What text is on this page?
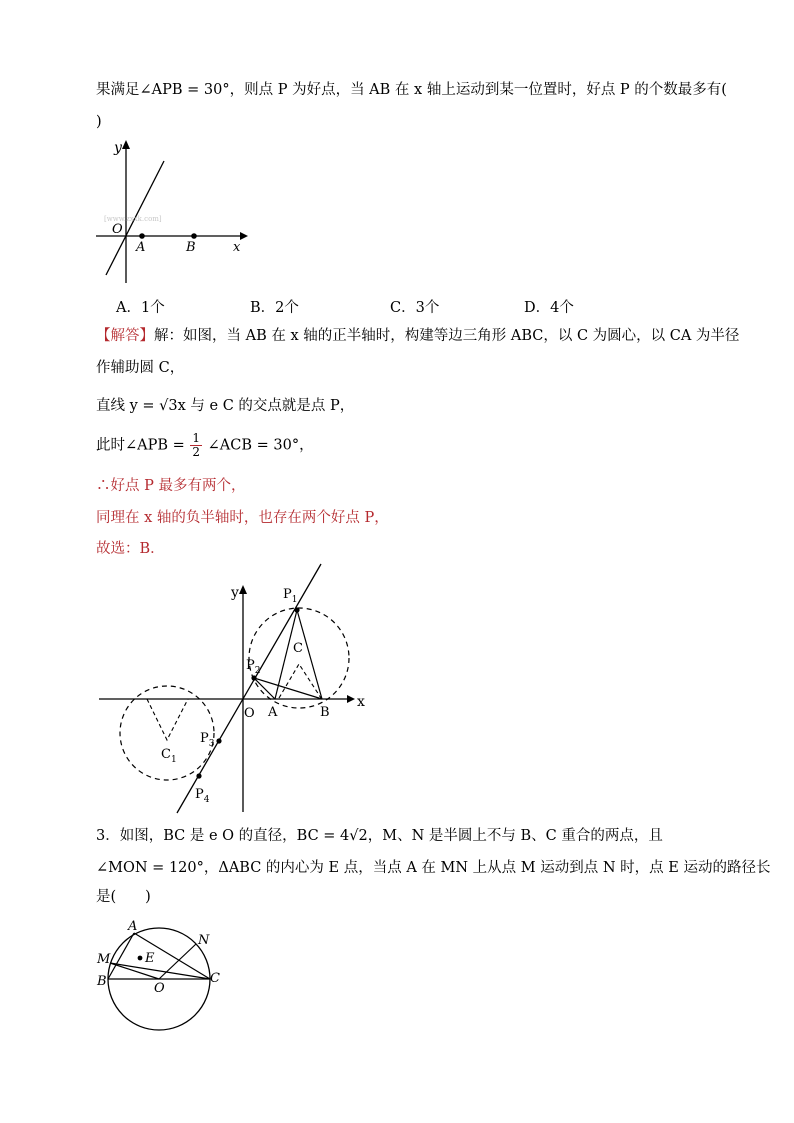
果满足∠APB = 30°，则点 P 为好点，当 AB 在 x 轴上运动到某一位置时，好点 P 的个数最多有(
)
y
O
A	B	x
[www.zxxk.com]
A．1个	B．2个	C．3个	D．4个
【解答】解：如图，当 AB 在 x 轴的正半轴时，构建等边三角形 ABC，以 C 为圆心，以 CA 为半径
作辅助圆 C，
直线 y = √3x 与 e C 的交点就是点 P，
此时∠APB = $\frac{1}{2}$ ∠ACB = 30°，
∴好点 P 最多有两个，
同理在 x 轴的负半轴时，也存在两个好点 P，
故选：B．
y
x
O A	B
C
$C_1$
$P_1$
$P_2$
$P_3$
$P_4$
3．如图，BC 是 e O 的直径，BC = 4√2，M、N 是半圆上不与 B、C 重合的两点，且
∠MON = 120°，ΔABC 的内心为 E 点，当点 A 在 MN 上从点 M 运动到点 N 时，点 E 运动的路径长
是(　　)
A
N
M	E
B	O
C
